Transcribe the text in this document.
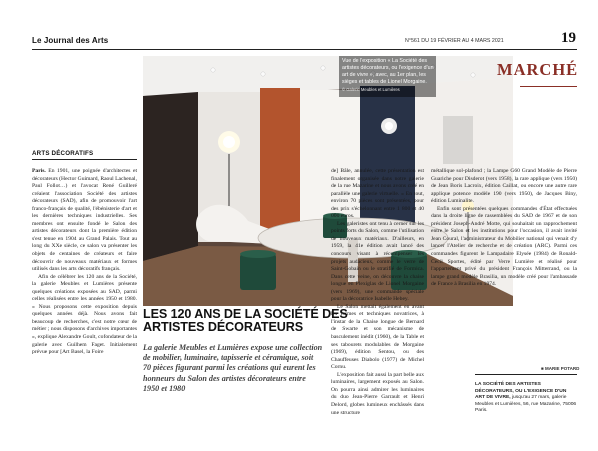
Le Journal des Arts	N°561 DU 19 FÉVRIER AU 4 MARS 2021	19
Vue de l'exposition « La Société des artistes décorateurs, ou l'exigence d'un art de vivre », avec, au 1er plan, les sièges et tables de Lionel Morgaine.
© Galerie Meubles et Lumières
MARCHÉ
ARTS DÉCORATIFS

Paris. En 1901, une poignée d'architectes et décorateurs (Hector Guimard, Raoul Lachenal, Paul Follot…) et l'avocat René Guilleré créaient l'association Société des artistes décorateurs (SAD), afin de promouvoir l'art franco-français de qualité, l'ébénisterie d'art et les dernières techniques industrielles. Ses membres ont ensuite fondé le Salon des artistes décorateurs dont la première édition s'est tenue en 1904 au Grand Palais. Tout au long du XXe siècle, ce salon va présenter les objets de centaines de créateurs et faire découvrir de nouveaux matériaux et formes utilisés dans les arts décoratifs français.

Afin de célébrer les 120 ans de la Société, la galerie Meubles et Lumières présente quelques créations exposées au SAD, parmi celles réalisées entre les années 1950 et 1980. « Nous proposons cette exposition depuis quelques années déjà. Nous avons fait beaucoup de recherches, c'est notre cœur de métier ; nous disposons d'archives importantes », explique Alexandre Goult, cofondateur de la galerie avec Guilhem Faget. Initialement prévue pour [Art Basel, la Foire

de] Bâle, annulée, cette présentation est finalement organisée dans notre galerie de la rue Mazarine et nous avons créé en parallèle une galerie virtuelle. » En tout, environ 70 pièces sont présentées, pour des prix s'échelonnant entre 1 800 et 40 000 euros.

Les galeristes ont tenu à cerner sur les points forts du Salon, comme l'utilisation de nouveaux matériaux. D'ailleurs, en 1959, la 41e édition avait lancé des concours visant à récompenser les projets audacieux, comme le verre de Saint-Gobain ou le stratifié de Formica. Dans cette veine, on découvre la chaise longue en Plexiglas de Lionel Morgaine (vers 1969), une commande spéciale pour la décoratrice Isabelle Hebey.

Le Salon mettait également en avant les formes et techniques novatrices, à l'instar de la Chaise longue de Bernard de Swarte et son mécanisme de basculement inédit (1960), de la Table et ses tabourets modulables de Morgaine (1969), édition Sentou, ou des Chauffeuses Diabolo (1977) de Michel Cornu.

L'exposition fait aussi la part belle aux luminaires, largement exposés au Salon. On pourra ainsi admirer les luminaires du duo Jean-Pierre Garrault et Henri Delord, globes lumineux enchâssés dans une structure

métallique sol-plafond ; la Lampe G60 Grand Modèle de Pierre Guariche pour Disderot (vers 1958), la rare applique (vers 1950) de Jean Boris Lacroix, édition Caillat, ou encore une autre rare applique potence modèle 190 (vers 1950), de Jacques Biny, édition Luminalite.

Enfin sont présentées quelques commandes d'État effectuées dans la droite ligne de rassemblées du SAD de 1967 et de son président Joseph-André Motte, qui souhaitait un rapprochement entre le Salon et les institutions pour l'occasion, il avait invité Jean Coural, l'administrateur du Mobilier national qui venait d'y lancer l'Atelier de recherche et de création (ARC). Parmi ces commandes figurent le Lampadaire Elysée (1984) de Ronald-Cecil Sportes, édité par Verre Lumière et réalisé pour l'appartement privé du président François Mitterrand, ou la lampe grand modèle Brasilia, un modèle créé pour l'ambassade de France à Brasilia en 1974.

LES 120 ANS DE LA SOCIÉTÉ DES ARTISTES DÉCORATEURS
La galerie Meubles et Lumières expose une collection de mobilier, luminaire, tapisserie et céramique, soit 70 pièces figurant parmi les créations qui eurent les honneurs du Salon des artistes décorateurs entre 1950 et 1980
■ MARIE POTARD
LA SOCIÉTÉ DES ARTISTES DÉCORATEURS, OU L'EXIGENCE D'UN ART DE VIVRE, jusqu'au 27 mars, galerie Meubles et Lumières, 56, rue Mazarine, 75006 Paris.
